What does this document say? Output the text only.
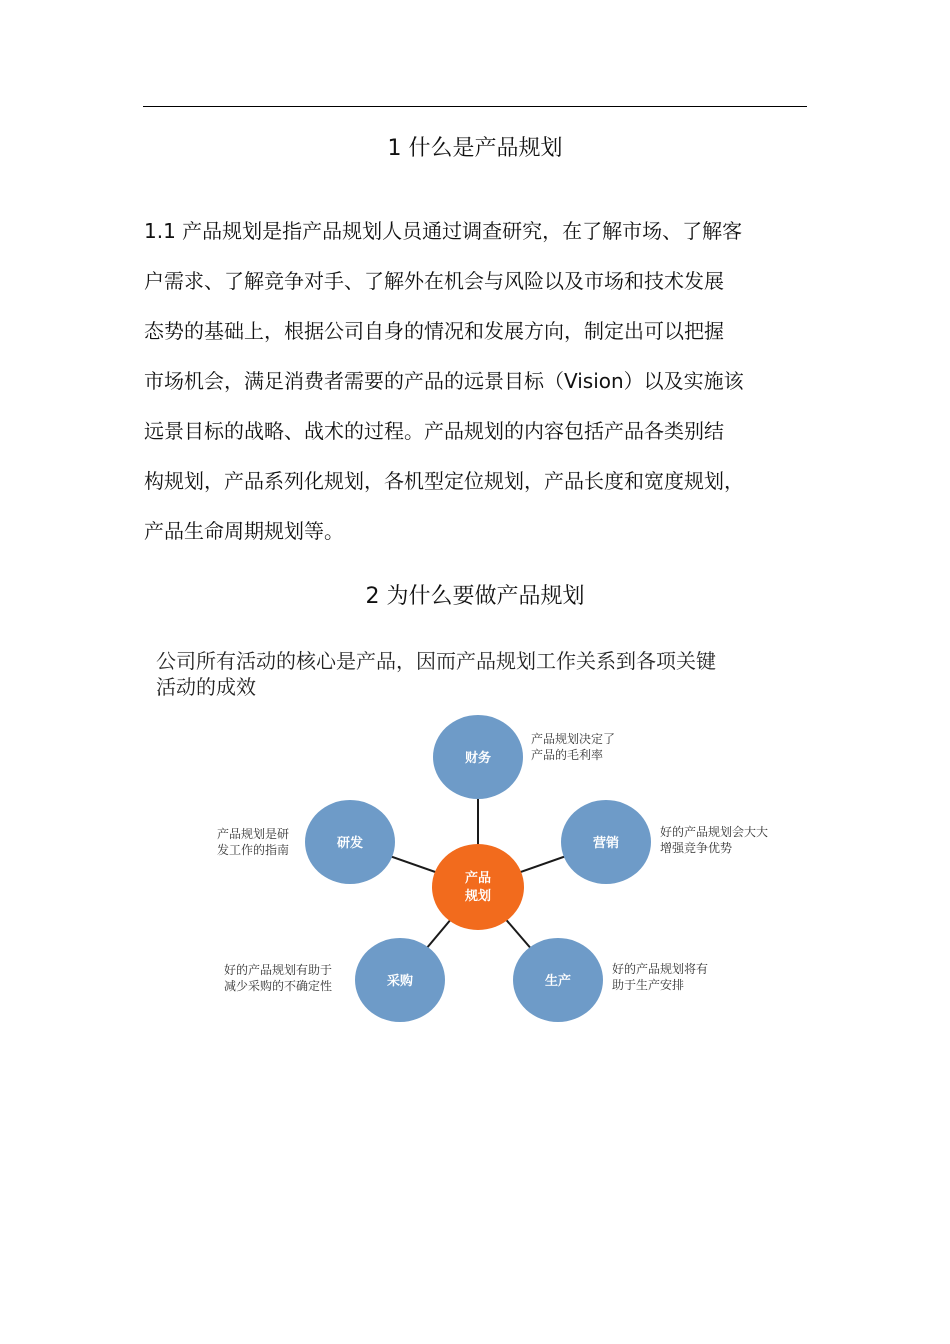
1 什么是产品规划

1.1 产品规划是指产品规划人员通过调查研究，在了解市场、了解客
户需求、了解竞争对手、了解外在机会与风险以及市场和技术发展
态势的基础上，根据公司自身的情况和发展方向，制定出可以把握
市场机会，满足消费者需要的产品的远景目标（Vision）以及实施该
远景目标的战略、战术的过程。产品规划的内容包括产品各类别结
构规划，产品系列化规划，各机型定位规划，产品长度和宽度规划，
产品生命周期规划等。

2 为什么要做产品规划
公司所有活动的核心是产品，因而产品规划工作关系到各项关键
活动的成效
财务
营销
生产
采购
研发
产品
规划
产品规划决定了
产品的毛利率
好的产品规划会大大
增强竞争优势
好的产品规划将有
助于生产安排
好的产品规划有助于
减少采购的不确定性
产品规划是研
发工作的指南
